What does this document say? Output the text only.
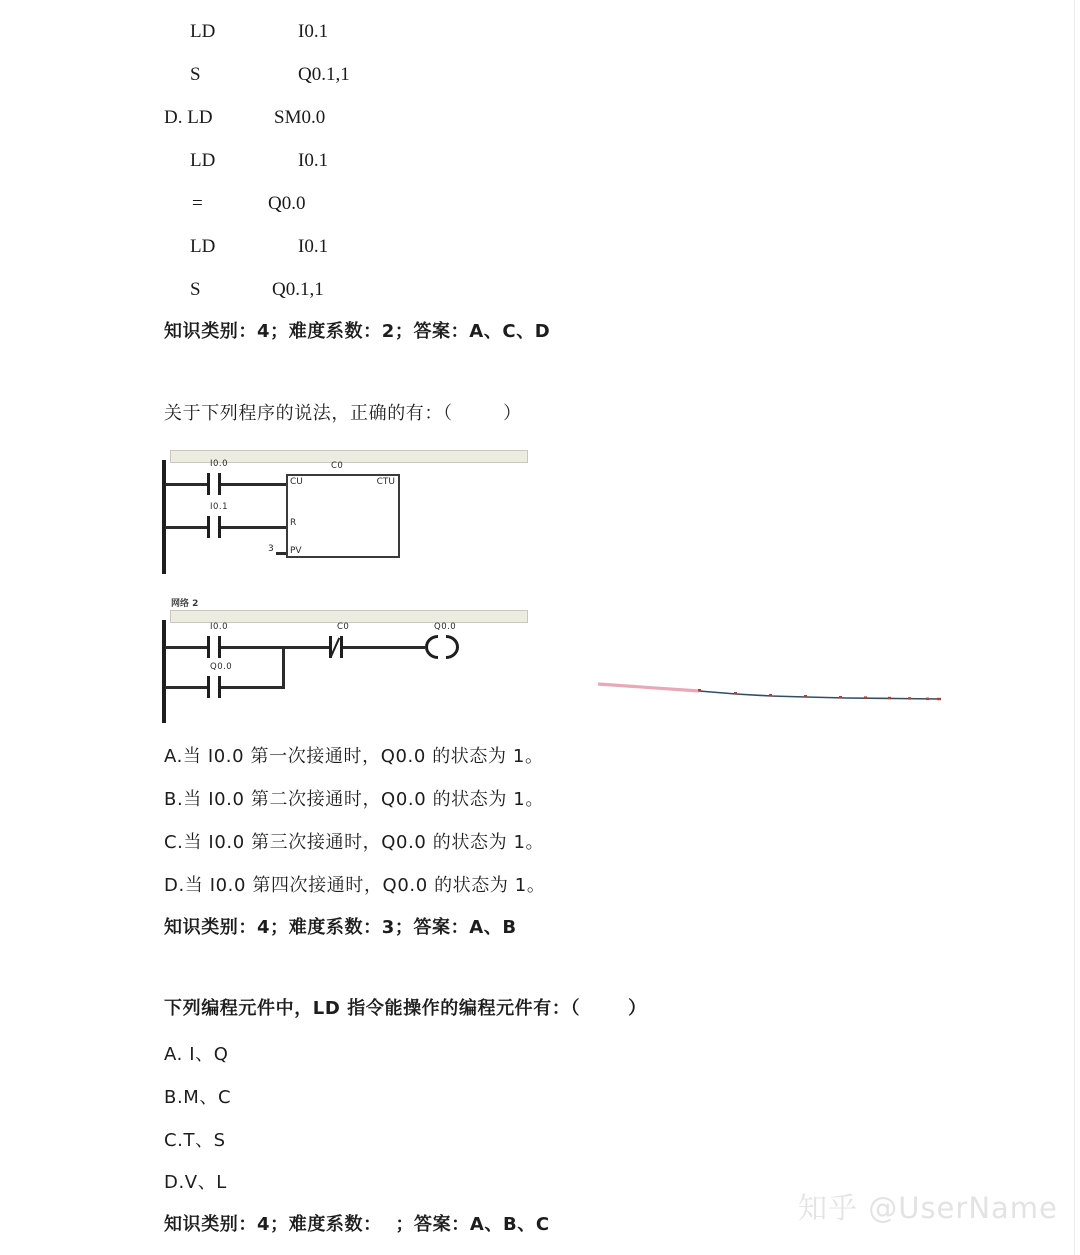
LD	I0.1
S	Q0.1,1
D. LD	SM0.0
LD	I0.1
=	Q0.0
LD	I0.1
S	Q0.1,1
知识类别：4；难度系数：2；答案：A、C、D
关于下列程序的说法，正确的有：（        ）
I0.0
I0.1
3
CU
R
PV
CTU
C0
网络 2
I0.0
Q0.0
C0	Q0.0
A.当 I0.0 第一次接通时，Q0.0 的状态为 1。
B.当 I0.0 第二次接通时，Q0.0 的状态为 1。
C.当 I0.0 第三次接通时，Q0.0 的状态为 1。
D.当 I0.0 第四次接通时，Q0.0 的状态为 1。
知识类别：4；难度系数：3；答案：A、B
下列编程元件中，LD 指令能操作的编程元件有：（       ）
A. I、Q
B.M、C
C.T、S
D.V、L
知识类别：4；难度系数：  ；答案：A、B、C	知乎 @UserName
